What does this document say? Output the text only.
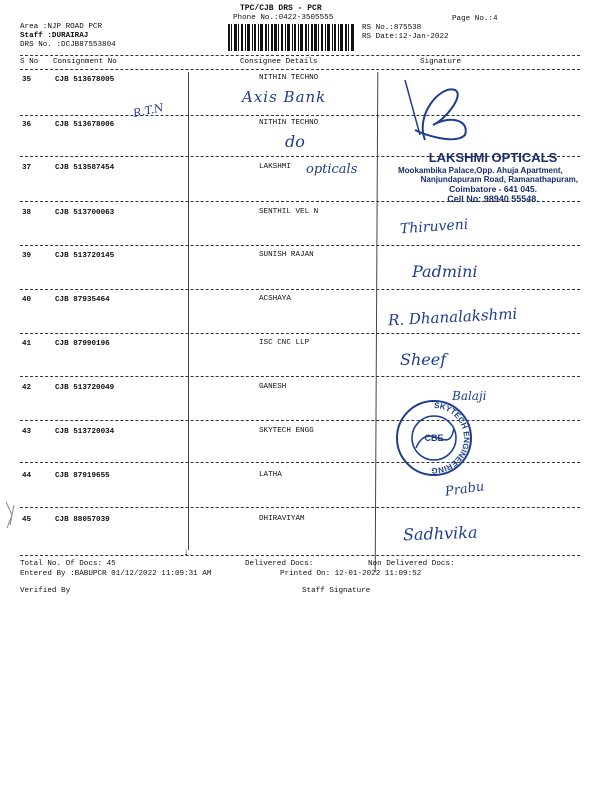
TPC/CJB DRS - PCR
Phone No.:0422-3505555
Area :NJP ROAD PCR
Staff :DURAIRAJ
DRS No. :DCJB87553804
RS No.:875538
RS Date:12-Jan-2022
Page No.:4
S No Consignment No	Consignee Details	Signature
35	CJB 513678005	NITHIN TECHNO
Axis Bank
36	CJB 513678006	NITHIN TECHNO
do
R.T.N
37	CJB 513587454	LAKSHMI opticals
38	CJB 513700063	SENTHIL VEL N
Thiruveni
39	CJB 513720145	SUNISH RAJAN
Padmini
40	CJB 87935464	ACSHAYA
R. Dhanalakshmi
41	CJB 87990196	ISC CNC LLP
Sheef
42	CJB 513720049	GANESH
Balaji
43	CJB 513720034	SKYTECH ENGG
44	CJB 87919655	LATHA
Prabu
45	CJB 88057039	DHIRAVIYAM
Sadhvika
LAKSHMI OPTICALS
Mookambika Palace,Opp. Ahuja Apartment,
Nanjundapuram Road, Ramanathapuram,
Coimbatore - 641 045.
Cell No: 98940 55548.
SKYTECH ENGINEERING
CBE
↓
Total No. Of Docs: 45	Delivered Docs:	Non Delivered Docs:
Entered By :BABUPCR 01/12/2022 11:09:31 AM	Printed On: 12-01-2022 11:09:52
Verified By	Staff Signature
